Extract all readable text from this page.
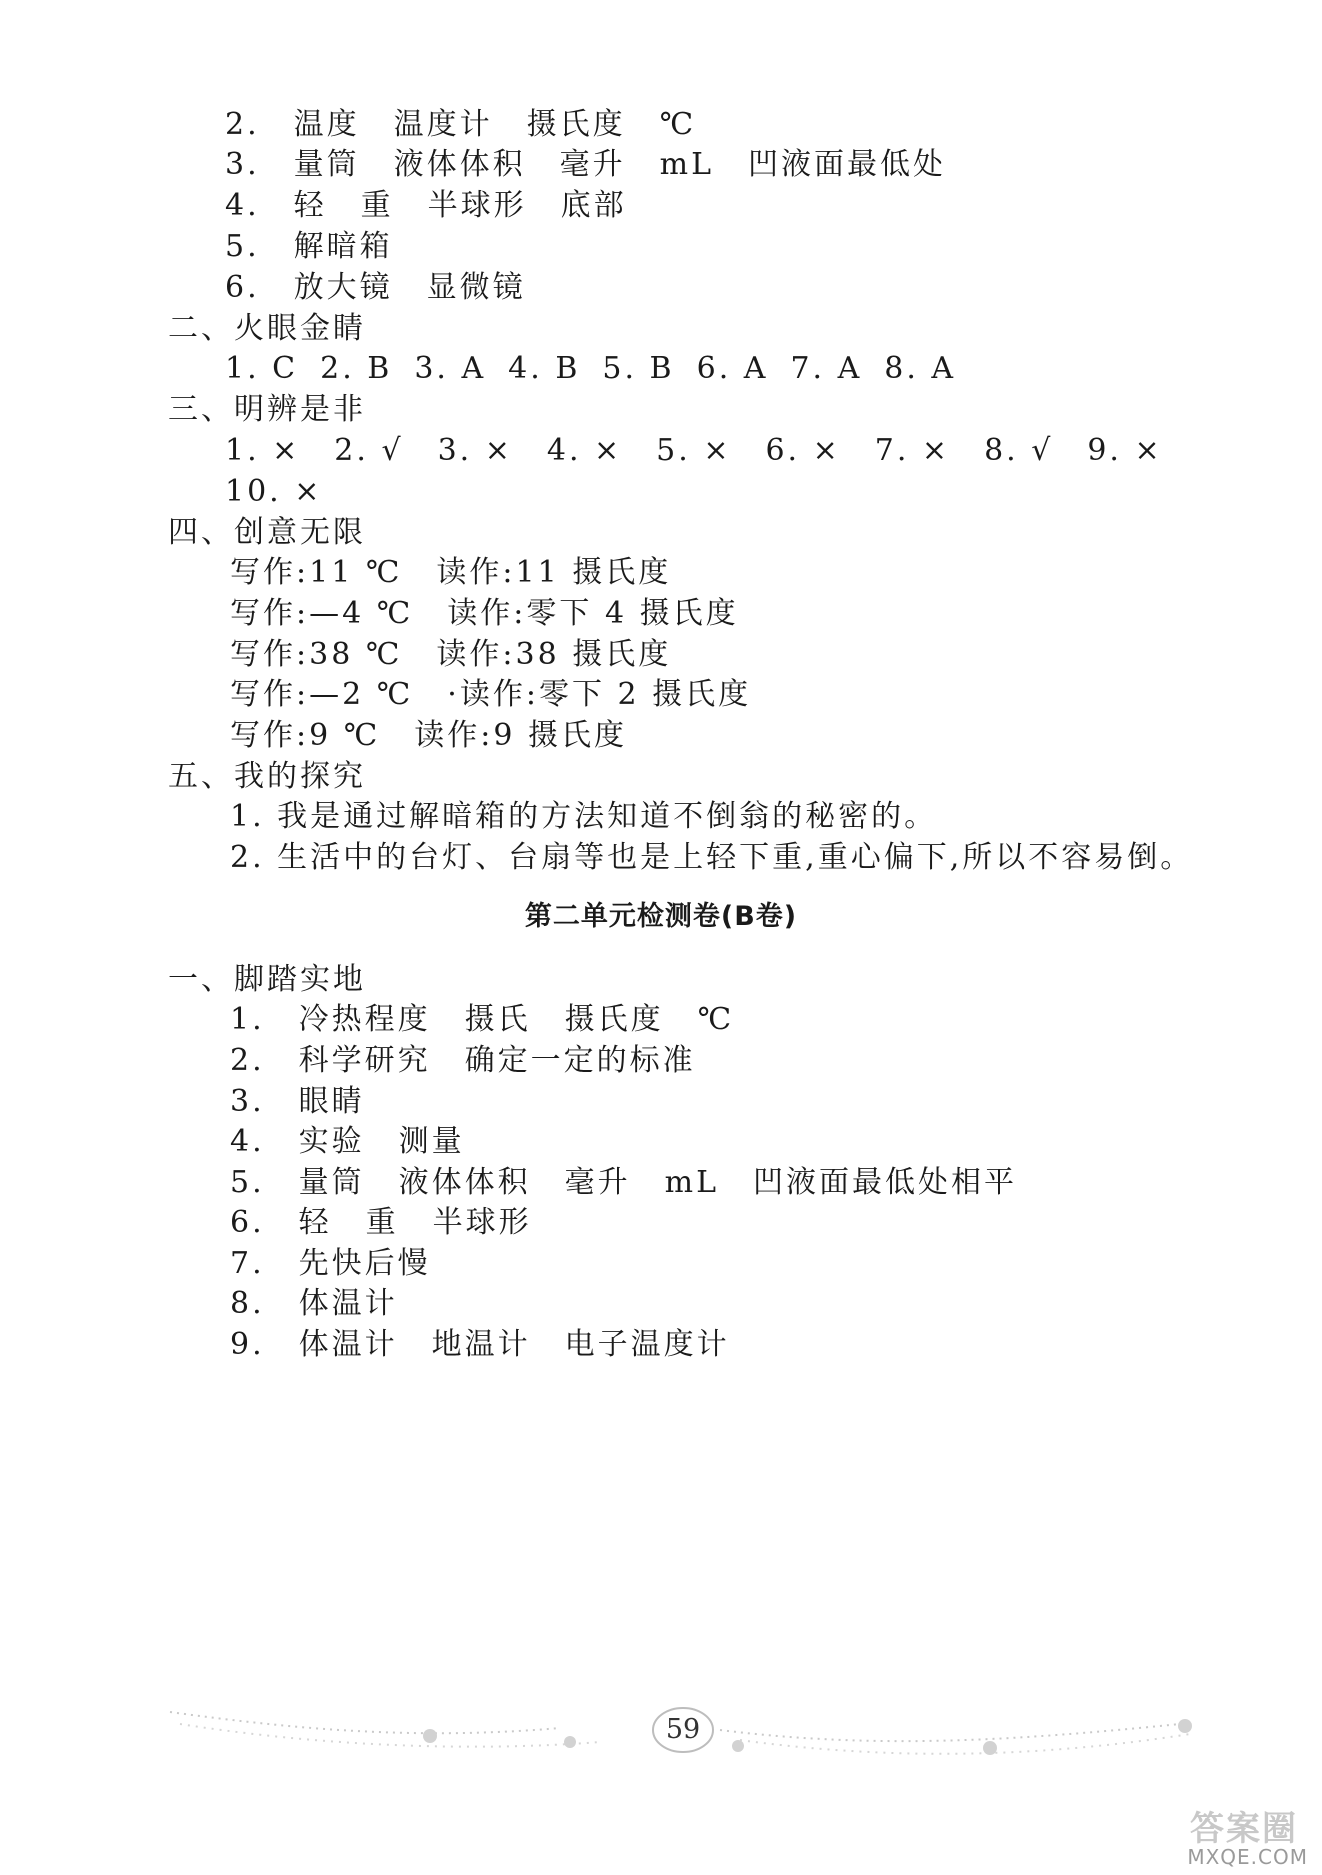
2. 温度 温度计 摄氏度 ℃
3. 量筒 液体体积 毫升 mL 凹液面最低处
4. 轻 重 半球形 底部
5. 解暗箱
6. 放大镜 显微镜
二、火眼金睛
1. C 2. B 3. A 4. B 5. B 6. A 7. A 8. A
三、明辨是非
1. × 2. √ 3. × 4. × 5. × 6. × 7. × 8. √ 9. ×
10. ×
四、创意无限
写作:11 ℃ 读作:11 摄氏度
写作:—4 ℃ 读作:零下 4 摄氏度
写作:38 ℃ 读作:38 摄氏度
写作:—2 ℃ ·读作:零下 2 摄氏度
写作:9 ℃ 读作:9 摄氏度
五、我的探究
1. 我是通过解暗箱的方法知道不倒翁的秘密的。
2. 生活中的台灯、台扇等也是上轻下重,重心偏下,所以不容易倒。
第二单元检测卷(B卷)
一、脚踏实地
1. 冷热程度 摄氏 摄氏度 ℃
2. 科学研究 确定一定的标准
3. 眼睛
4. 实验 测量
5. 量筒 液体体积 毫升 mL 凹液面最低处相平
6. 轻 重 半球形
7. 先快后慢
8. 体温计
9. 体温计 地温计 电子温度计
59
答案圈
MXQE.COM
